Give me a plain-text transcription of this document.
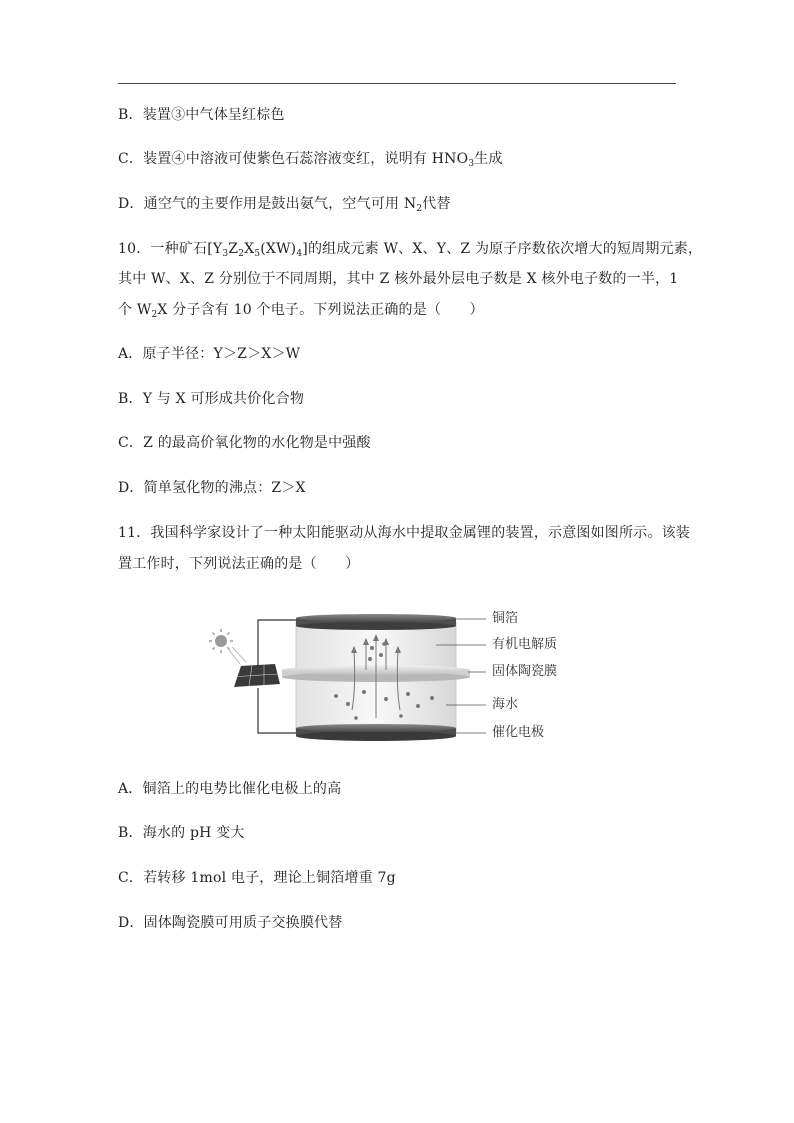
B．装置③中气体呈红棕色
C．装置④中溶液可使紫色石蕊溶液变红，说明有 $HNO_3$生成
D．通空气的主要作用是鼓出氨气，空气可用 $N_2$代替
10．一种矿石$[Y_3Z_2X_5(XW)_4]$的组成元素 W、X、Y、Z 为原子序数依次增大的短周期元素，
其中 W、X、Z 分别位于不同周期，其中 Z 核外最外层电子数是 X 核外电子数的一半，1
个 $W_2X$ 分子含有 10 个电子。下列说法正确的是（　　）
A．原子半径：Y＞Z＞X＞W
B．Y 与 X 可形成共价化合物
C．Z 的最高价氧化物的水化物是中强酸
D．简单氢化物的沸点：Z＞X
11．我国科学家设计了一种太阳能驱动从海水中提取金属锂的装置，示意图如图所示。该装
置工作时，下列说法正确的是（　　）
铜箔
有机电解质
固体陶瓷膜
海水
催化电极
A．铜箔上的电势比催化电极上的高
B．海水的 pH 变大
C．若转移 1mol 电子，理论上铜箔增重 7g
D．固体陶瓷膜可用质子交换膜代替
